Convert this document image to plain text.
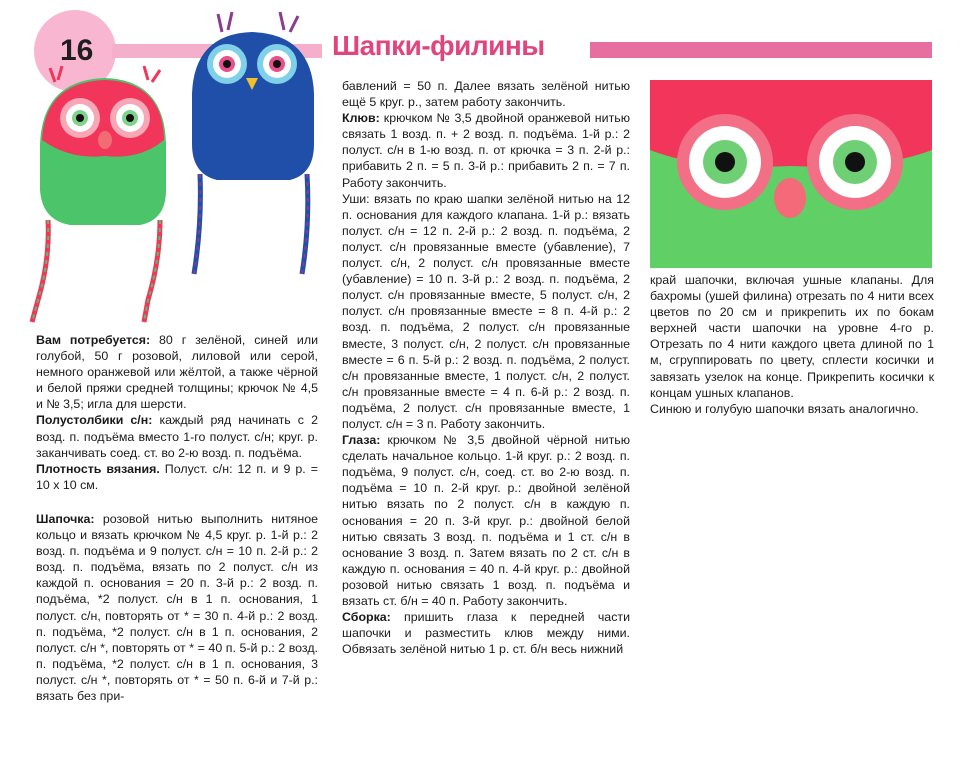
16	Шапки-филины

Вам потребуется: 80 г зелёной, синей или голубой, 50 г розовой, лиловой или серой, немного оранжевой или жёлтой, а также чёрной и белой пряжи средней толщины; крючок № 4,5 и № 3,5; игла для шерсти.

Полустолбики с/н: каждый ряд начинать с 2 возд. п. подъёма вместо 1-го полуст. с/н; круг. р. заканчивать соед. ст. во 2-ю возд. п. подъёма.

Плотность вязания. Полуст. с/н: 12 п. и 9 р. = 10 х 10 см.

Шапочка: розовой нитью выполнить нитяное кольцо и вязать крючком № 4,5 круг. р. 1-й р.: 2 возд. п. подъёма и 9 полуст. с/н = 10 п. 2-й р.: 2 возд. п. подъёма, вязать по 2 полуст. с/н из каждой п. основания = 20 п. 3-й р.: 2 возд. п. подъёма, *2 полуст. с/н в 1 п. основания, 1 полуст. с/н, повторять от * = 30 п. 4-й р.: 2 возд. п. подъёма, *2 полуст. с/н в 1 п. основания, 2 полуст. с/н *, повторять от * = 40 п. 5-й р.: 2 возд. п. подъёма, *2 полуст. с/н в 1 п. основания, 3 полуст. с/н *, повторять от * = 50 п. 6-й и 7-й р.: вязать без при-

бавлений = 50 п. Далее вязать зелёной нитью ещё 5 круг. р., затем работу закончить.

Клюв: крючком № 3,5 двойной оранжевой нитью связать 1 возд. п. + 2 возд. п. подъёма. 1-й р.: 2 полуст. с/н в 1-ю возд. п. от крючка = 3 п. 2-й р.: прибавить 2 п. = 5 п. 3-й р.: прибавить 2 п. = 7 п. Работу закончить.

Уши: вязать по краю шапки зелёной нитью на 12 п. основания для каждого клапана. 1-й р.: вязать полуст. с/н = 12 п. 2-й р.: 2 возд. п. подъёма, 2 полуст. с/н провязанные вместе (убавление), 7 полуст. с/н, 2 полуст. с/н провязанные вместе (убавление) = 10 п. 3-й р.: 2 возд. п. подъёма, 2 полуст. с/н провязанные вместе, 5 полуст. с/н, 2 полуст. с/н провязанные вместе = 8 п. 4-й р.: 2 возд. п. подъёма, 2 полуст. с/н провязанные вместе, 3 полуст. с/н, 2 полуст. с/н провязанные вместе = 6 п. 5-й р.: 2 возд. п. подъёма, 2 полуст. с/н провязанные вместе, 1 полуст. с/н, 2 полуст. с/н провязанные вместе = 4 п. 6-й р.: 2 возд. п. подъёма, 2 полуст. с/н провязанные вместе, 1 полуст. с/н = 3 п. Работу закончить.

Глаза: крючком № 3,5 двойной чёрной нитью сделать начальное кольцо. 1-й круг. р.: 2 возд. п. подъёма, 9 полуст. с/н, соед. ст. во 2-ю возд. п. подъёма = 10 п. 2-й круг. р.: двойной зелёной нитью вязать по 2 полуст. с/н в каждую п. основания = 20 п. 3-й круг. р.: двойной белой нитью связать 3 возд. п. подъёма и 1 ст. с/н в основание 3 возд. п. Затем вязать по 2 ст. с/н в каждую п. основания = 40 п. 4-й круг. р.: двойной розовой нитью связать 1 возд. п. подъёма и вязать ст. б/н = 40 п. Работу закончить.

Сборка: пришить глаза к передней части шапочки и разместить клюв между ними. Обвязать зелёной нитью 1 р. ст. б/н весь нижний

край шапочки, включая ушные клапаны. Для бахромы (ушей филина) отрезать по 4 нити всех цветов по 20 см и прикрепить их по бокам верхней части шапочки на уровне 4-го р. Отрезать по 4 нити каждого цвета длиной по 1 м, сгруппировать по цвету, сплести косички и завязать узелок на конце. Прикрепить косички к концам ушных клапанов.

Синюю и голубую шапочки вязать аналогично.
